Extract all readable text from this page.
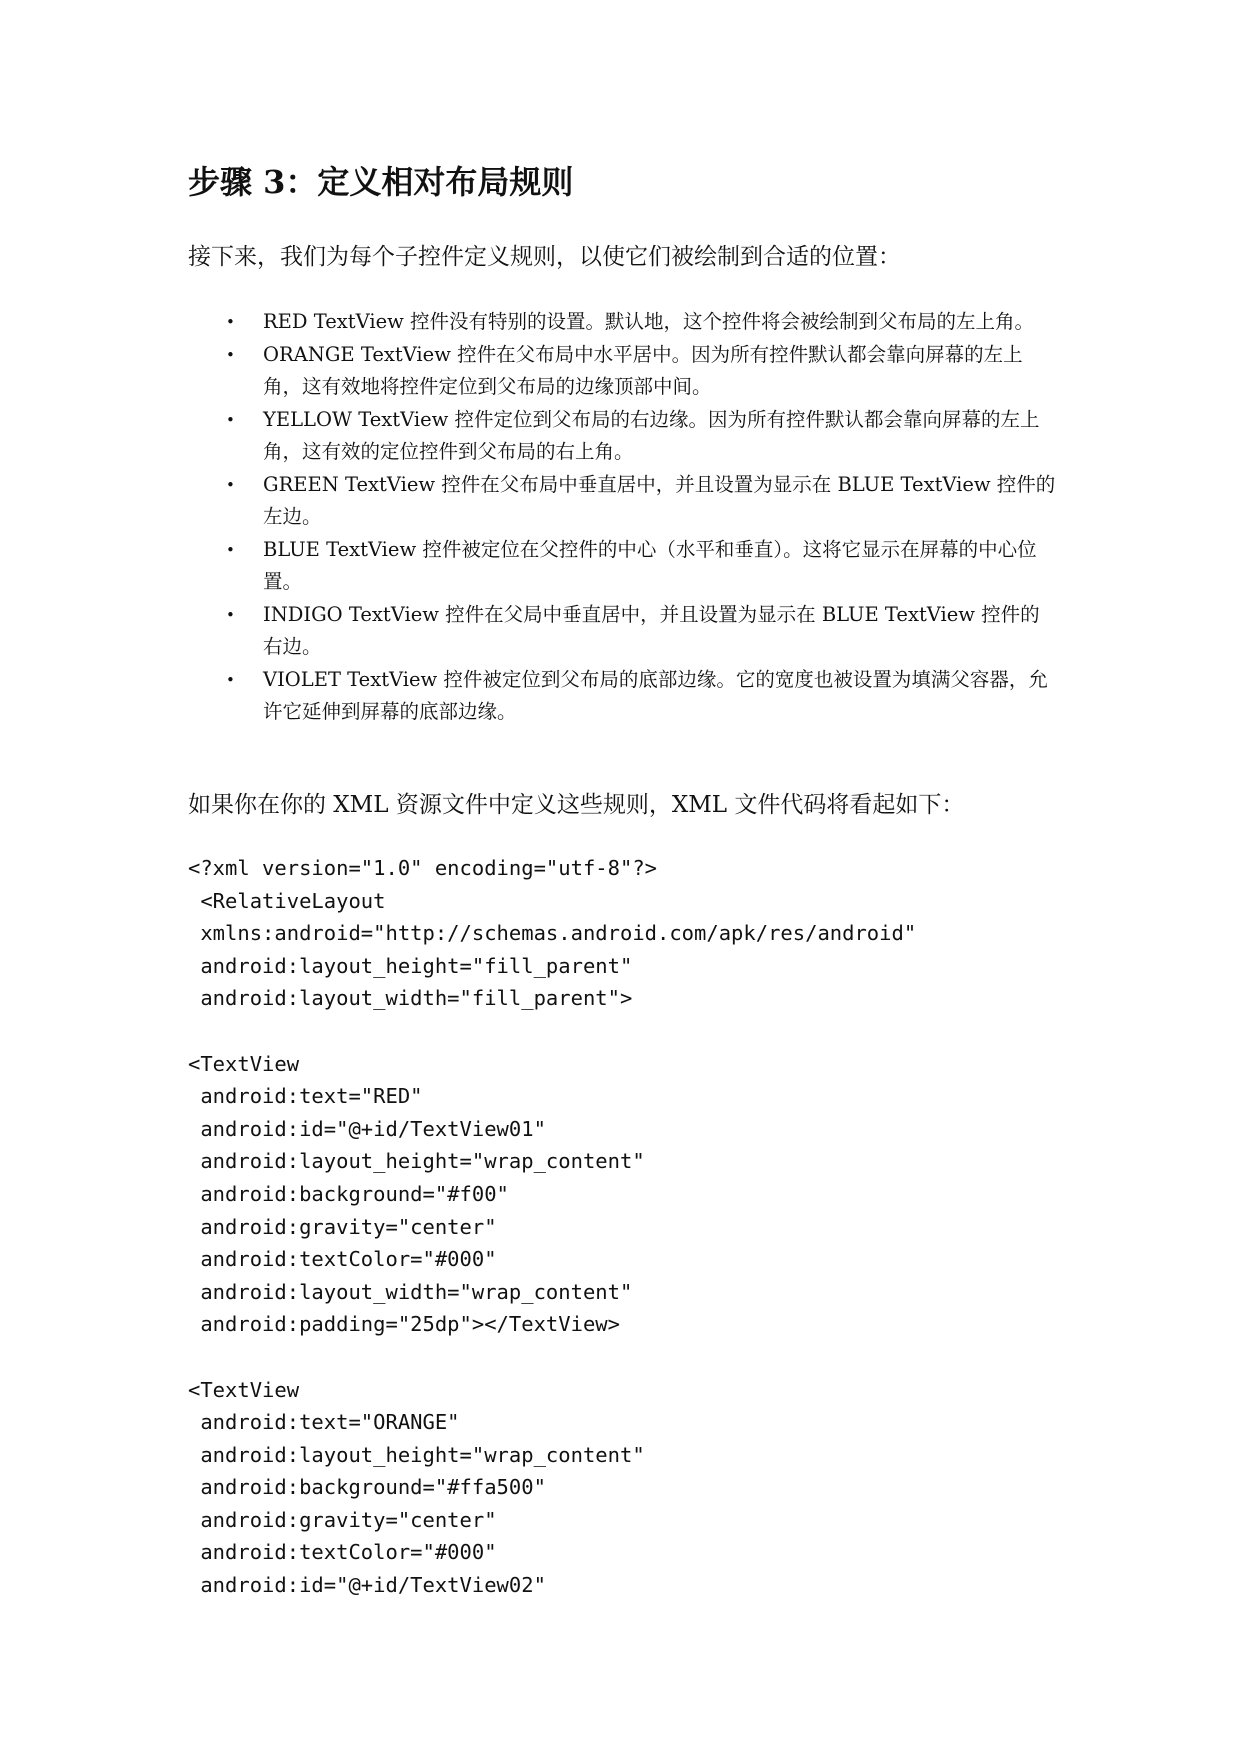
步骤 3：定义相对布局规则

接下来，我们为每个子控件定义规则，以使它们被绘制到合适的位置：

• RED TextView 控件没有特别的设置。默认地，这个控件将会被绘制到父布局的左上角。
• ORANGE TextView 控件在父布局中水平居中。因为所有控件默认都会靠向屏幕的左上角，这有效地将控件定位到父布局的边缘顶部中间。
• YELLOW TextView 控件定位到父布局的右边缘。因为所有控件默认都会靠向屏幕的左上角，这有效的定位控件到父布局的右上角。
• GREEN TextView 控件在父布局中垂直居中，并且设置为显示在 BLUE TextView 控件的左边。
• BLUE TextView 控件被定位在父控件的中心（水平和垂直）。这将它显示在屏幕的中心位置。
• INDIGO TextView 控件在父局中垂直居中，并且设置为显示在 BLUE TextView 控件的右边。
• VIOLET TextView 控件被定位到父布局的底部边缘。它的宽度也被设置为填满父容器，允许它延伸到屏幕的底部边缘。

如果你在你的 XML 资源文件中定义这些规则，XML 文件代码将看起如下：

<?xml version="1.0" encoding="utf-8"?>
<RelativeLayout
xmlns:android="http://schemas.android.com/apk/res/android"
android:layout_height="fill_parent"
android:layout_width="fill_parent">
<TextView
android:text="RED"
android:id="@+id/TextView01"
android:layout_height="wrap_content"
android:background="#f00"
android:gravity="center"
android:textColor="#000"
android:layout_width="wrap_content"
android:padding="25dp"></TextView>
<TextView
android:text="ORANGE"
android:layout_height="wrap_content"
android:background="#ffa500"
android:gravity="center"
android:textColor="#000"
android:id="@+id/TextView02"
